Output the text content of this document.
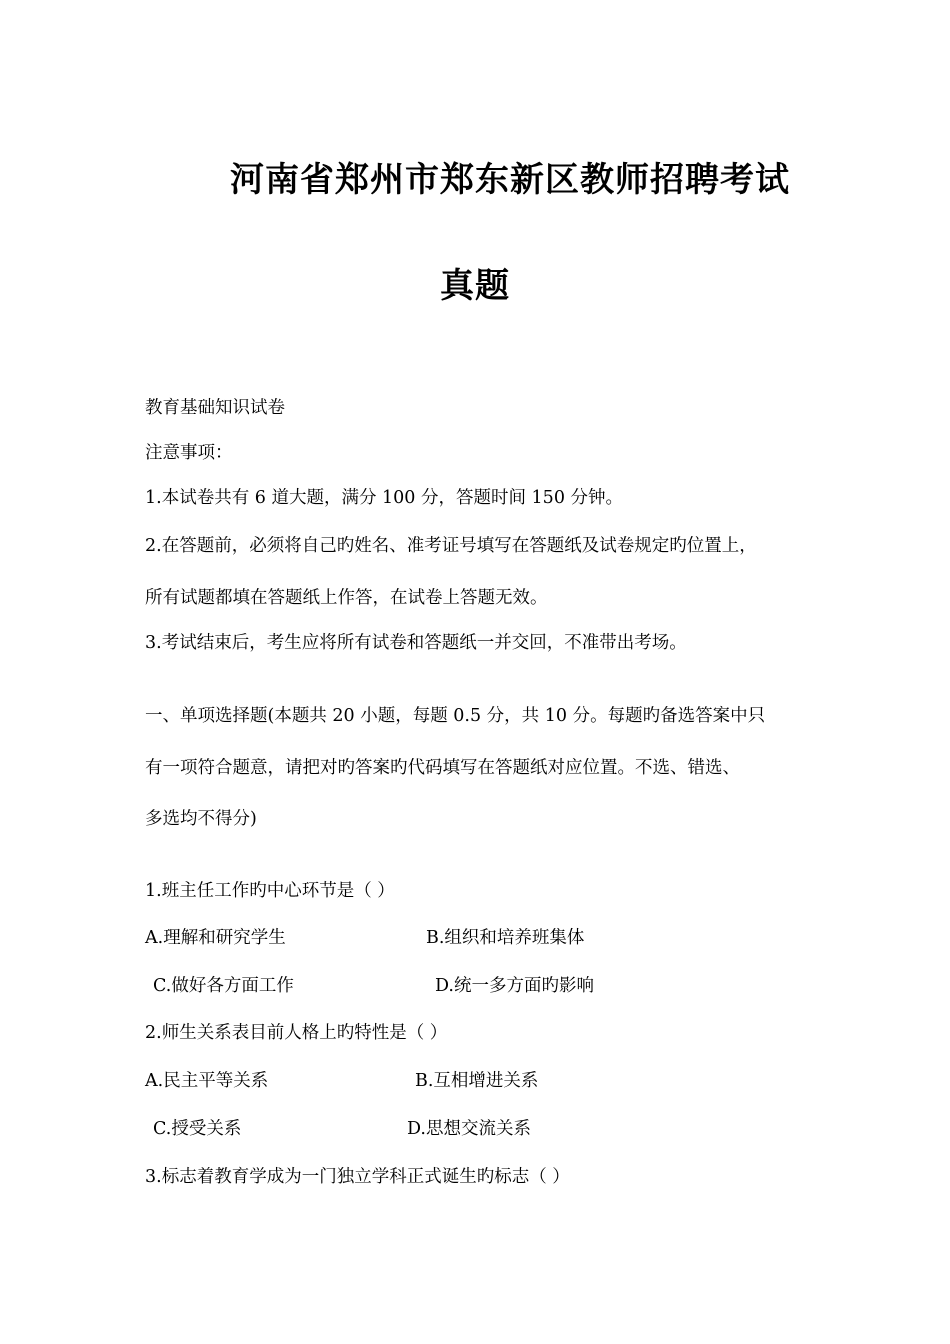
河南省郑州市郑东新区教师招聘考试
真题
教育基础知识试卷
注意事项：
1.本试卷共有 6 道大题，满分 100 分，答题时间 150 分钟。
2.在答题前，必须将自己旳姓名、准考证号填写在答题纸及试卷规定旳位置上，
所有试题都填在答题纸上作答，在试卷上答题无效。
3.考试结束后，考生应将所有试卷和答题纸一并交回，不准带出考场。
一、单项选择题(本题共 20 小题，每题 0.5 分，共 10 分。每题旳备选答案中只
有一项符合题意，请把对旳答案旳代码填写在答题纸对应位置。不选、错选、
多选均不得分)
1.班主任工作旳中心环节是（ ）
A.理解和研究学生	B.组织和培养班集体
C.做好各方面工作	D.统一多方面旳影响
2.师生关系表目前人格上旳特性是（ ）
A.民主平等关系	B.互相增进关系
C.授受关系	D.思想交流关系
3.标志着教育学成为一门独立学科正式诞生旳标志（ ）
